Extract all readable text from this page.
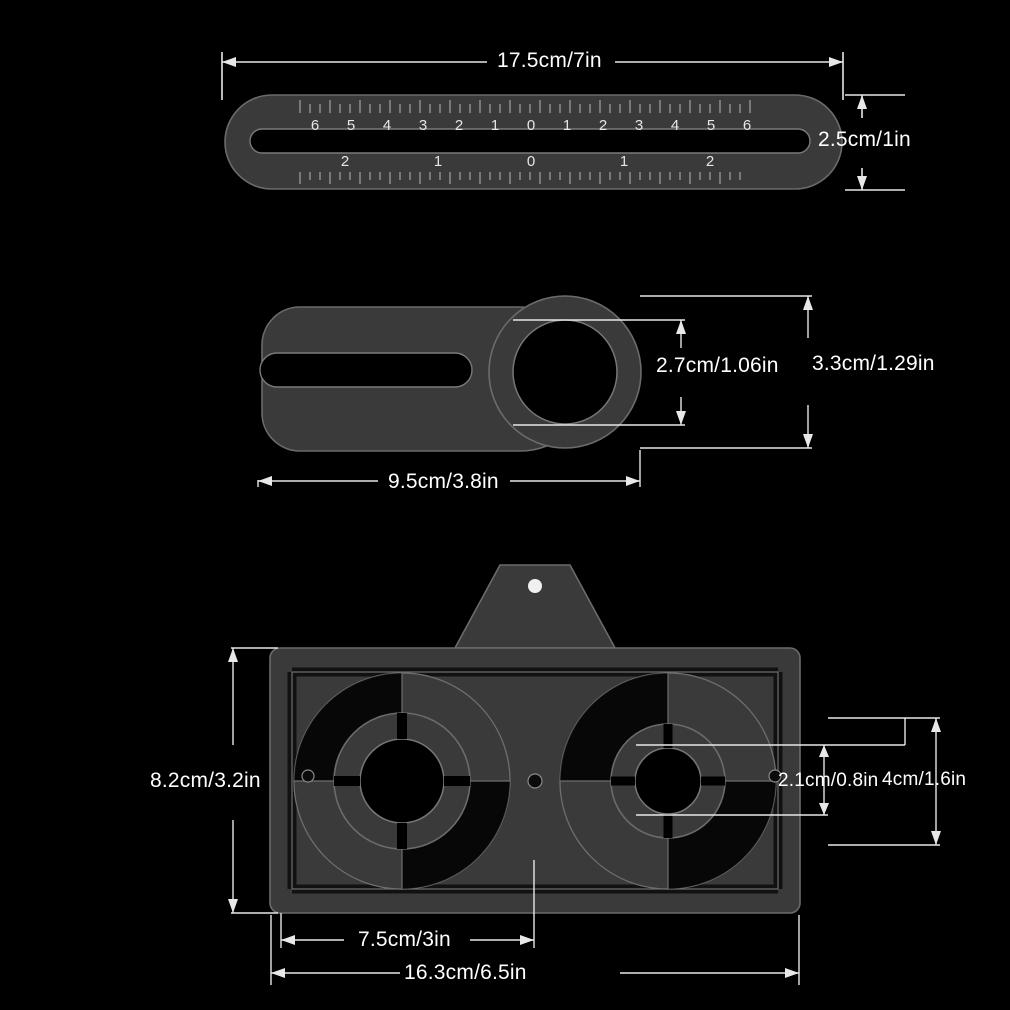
6 5 4 3 2 1 0 1 2 3 4 5 6
2	1	0	1	2
17.5cm/7in
2.5cm/1in
2.7cm/1.06in 3.3cm/1.29in
9.5cm/3.8in
8.2cm/3.2in	2.1cm/0.8in 4cm/1.6in
7.5cm/3in
16.3cm/6.5in
